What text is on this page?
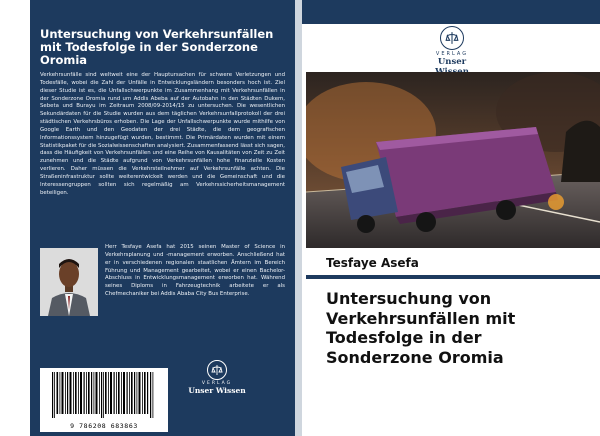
Untersuchung von Verkehrsunfällen mit Todesfolge in der Sonderzone Oromia
Verkehrsunfälle sind weltweit eine der Hauptursachen für schwere Verletzungen und Todesfälle, wobei die Zahl der Unfälle in Entwicklungsländern besonders hoch ist. Ziel dieser Studie ist es, die Unfallschwerpunkte im Zusammenhang mit Verkehrsunfällen in der Sonderzone Oromia rund um Addis Abeba auf der Autobahn in den Städten Dukem, Sebeta und Burayu im Zeitraum 2008/09-2014/15 zu untersuchen. Die wesentlichen Sekundärdaten für die Studie wurden aus dem täglichen Verkehrsunfallprotokoll der drei städtischen Verkehrsbüros erhoben. Die Lage der Unfallschwerpunkte wurde mithilfe von Google Earth und den Geodaten der drei Städte, die dem geografischen Informationssystem hinzugefügt wurden, bestimmt. Die Primärdaten wurden mit einem Statistikpaket für die Sozialwissenschaften analysiert. Zusammenfassend lässt sich sagen, dass die Häufigkeit von Verkehrsunfällen und eine Reihe von Kausalitäten von Zeit zu Zeit zunehmen und die Städte aufgrund von Verkehrsunfällen hohe finanzielle Kosten verlieren. Daher müssen die Verkehrsteilnehmer auf Verkehrsunfälle achten. Die Straßeninfrastruktur sollte weiterentwickelt werden und die Gemeinschaft und die Interessengruppen sollten sich regelmäßig am Verkehrssicherheitsmanagement beteiligen.
Herr Tesfaye Asefa hat 2015 seinen Master of Science in Verkehrsplanung und -management erworben. Anschließend hat er in verschiedenen regionalen staatlichen Ämtern im Bereich Führung und Management gearbeitet, wobei er einen Bachelor-Abschluss in Entwicklungsmanagement erworben hat. Während seines Diploms in Fahrzeugtechnik arbeitete er als Chefmechaniker bei Addis Ababa City Bus Enterprise.
VERLAG
Unser Wissen
9 786208 683863
VERLAG
Unser
Tesfaye Asefa
Untersuchung von Verkehrsunfällen mit Todesfolge in der Sonderzone Oromia
